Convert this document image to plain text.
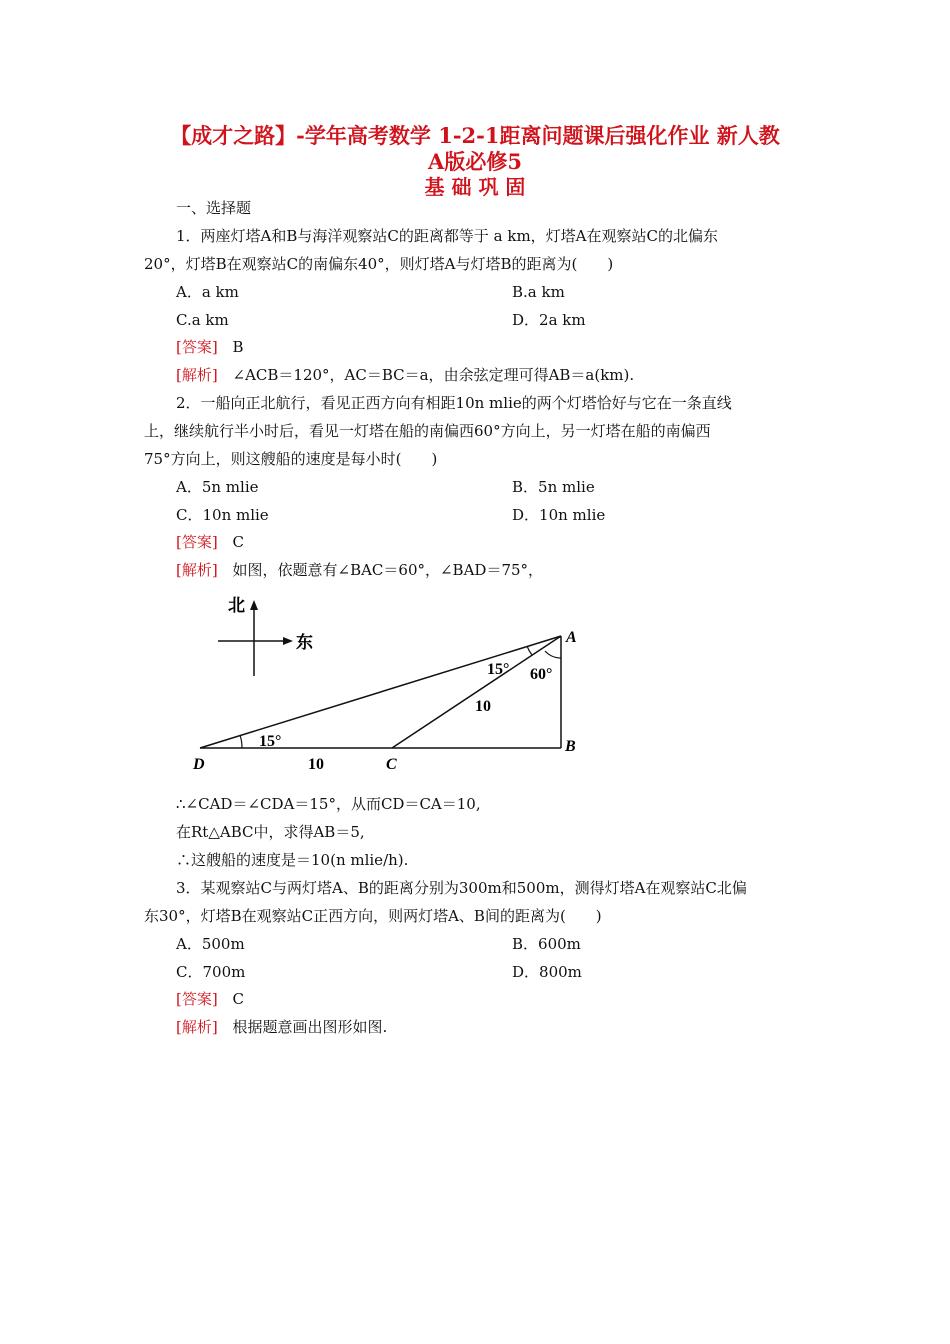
【成才之路】-学年高考数学 1-2-1距离问题课后强化作业 新人教
A版必修5
基 础 巩 固
一、选择题
1．两座灯塔A和B与海洋观察站C的距离都等于 a km，灯塔A在观察站C的北偏东
20°，灯塔B在观察站C的南偏东40°，则灯塔A与灯塔B的距离为(　　)
A．a km	B.a km
C.a km	D．2a km
[答案] B
[解析] ∠ACB＝120°，AC＝BC＝a，由余弦定理可得AB＝a(km).
2．一船向正北航行，看见正西方向有相距10n mlie的两个灯塔恰好与它在一条直线
上，继续航行半小时后，看见一灯塔在船的南偏西60°方向上，另一灯塔在船的南偏西
75°方向上，则这艘船的速度是每小时(　　)
A．5n mlie	B．5n mlie
C．10n mlie	D．10n mlie
[答案] C
[解析] 如图，依题意有∠BAC＝60°，∠BAD＝75°，
北
东	A
B
C
D
15° 60°
15°
10
10
∴∠CAD＝∠CDA＝15°，从而CD＝CA＝10,
在Rt△ABC中，求得AB＝5,
∴这艘船的速度是＝10(n mlie/h).
3．某观察站C与两灯塔A、B的距离分别为300m和500m，测得灯塔A在观察站C北偏
东30°，灯塔B在观察站C正西方向，则两灯塔A、B间的距离为(　　)
A．500m	B．600m
C．700m	D．800m
[答案] C
[解析] 根据题意画出图形如图.
